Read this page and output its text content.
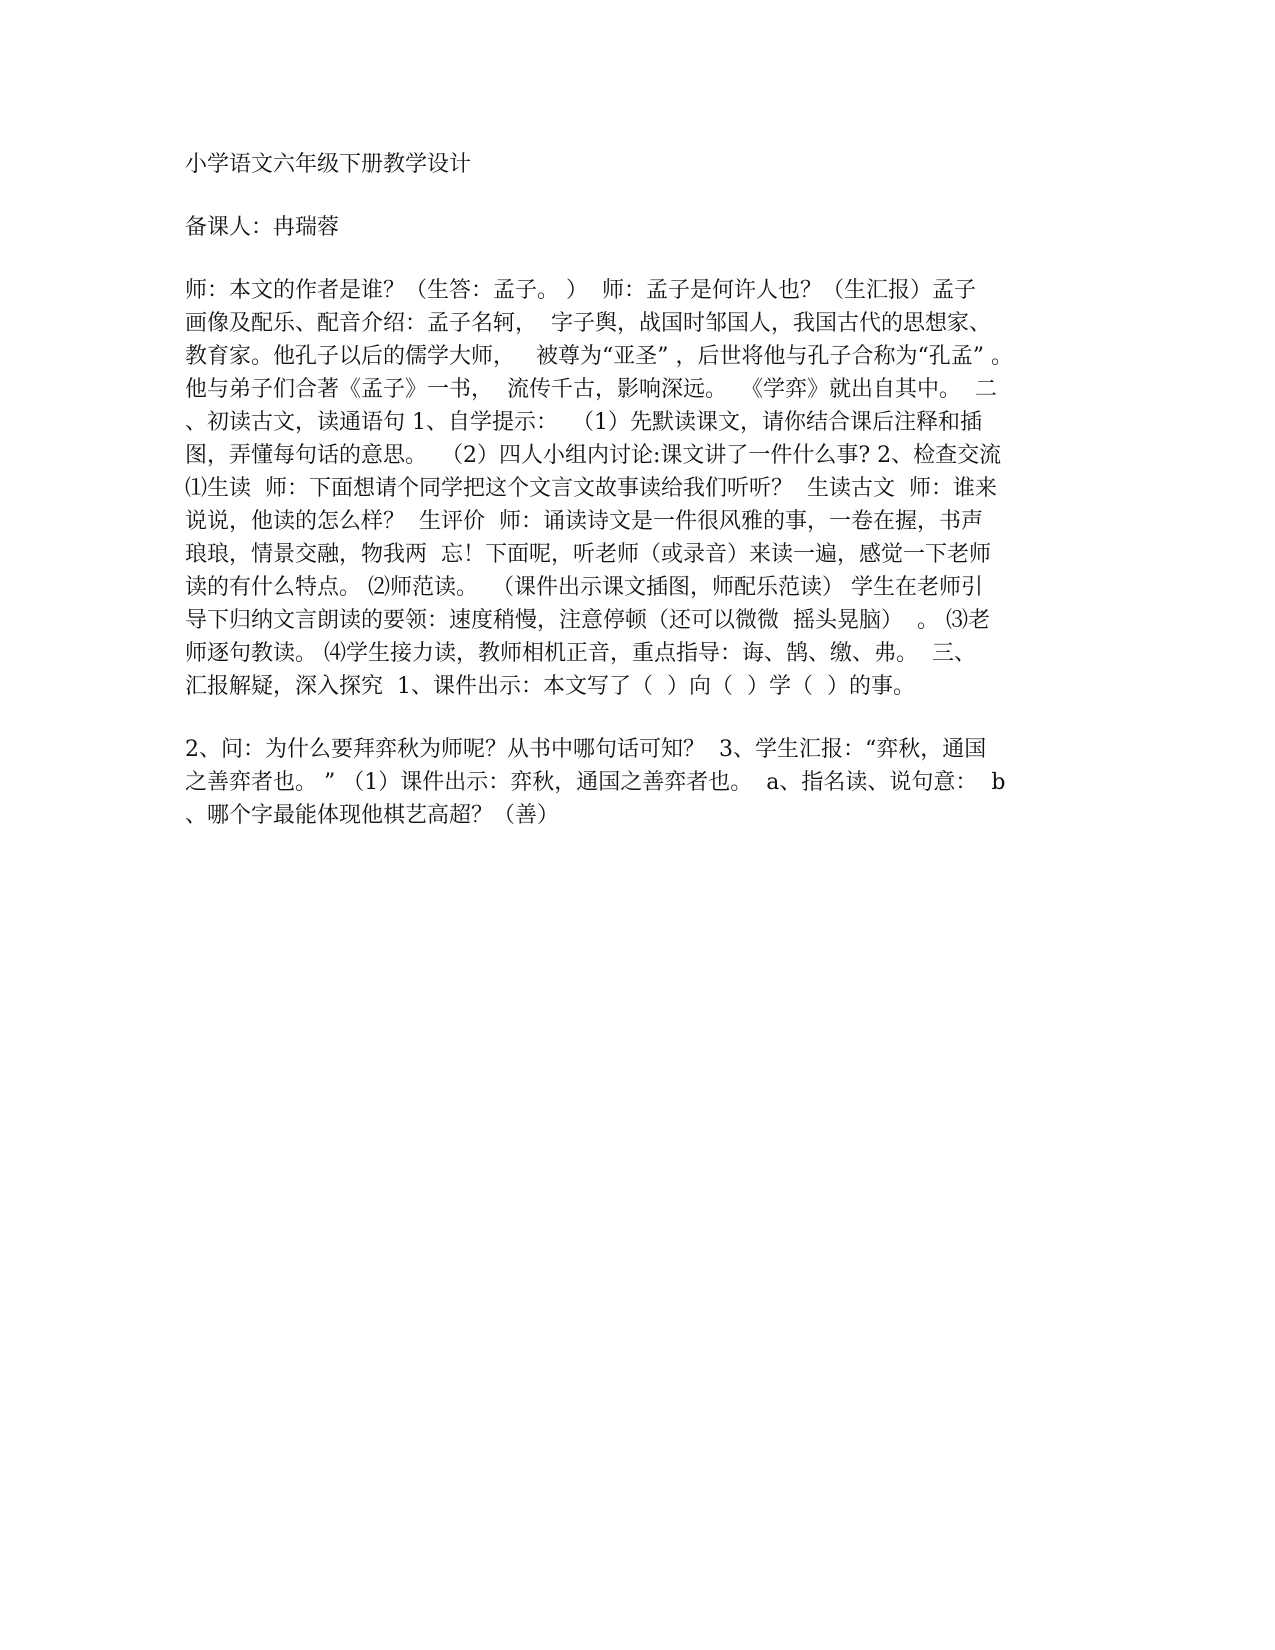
小学语文六年级下册教学设计

备课人：冉瑞蓉

师：本文的作者是谁？（生答：孟子。 ）  师：孟子是何许人也？（生汇报）孟子
画像及配乐、配音介绍：孟子名轲，  字子舆，战国时邹国人，我国古代的思想家、
教育家。他孔子以后的儒学大师，   被尊为“亚圣” ，后世将他与孔子合称为“孔孟” 。
他与弟子们合著《孟子》一书，  流传千古，影响深远。  《学弈》就出自其中。  二
、初读古文，读通语句 1、自学提示：  （1）先默读课文，请你结合课后注释和插
图，弄懂每句话的意思。  （2）四人小组内讨论:课文讲了一件什么事? 2、检查交流
⑴生读  师：下面想请个同学把这个文言文故事读给我们听听？  生读古文  师：谁来
说说，他读的怎么样？  生评价  师：诵读诗文是一件很风雅的事，一卷在握，书声
琅琅，情景交融，物我两  忘！下面呢，听老师（或录音）来读一遍，感觉一下老师
读的有什么特点。 ⑵师范读。  （课件出示课文插图，师配乐范读） 学生在老师引
导下归纳文言朗读的要领：速度稍慢，注意停顿（还可以微微  摇头晃脑）  。 ⑶老
师逐句教读。 ⑷学生接力读，教师相机正音，重点指导：诲、鹄、缴、弗。  三、
汇报解疑，深入探究  1、课件出示：本文写了（  ）向（  ）学（  ）的事。
2、问：为什么要拜弈秋为师呢？从书中哪句话可知？  3、学生汇报：“弈秋，通国
之善弈者也。 ” （1）课件出示：弈秋，通国之善弈者也。  a、指名读、说句意：  b
、哪个字最能体现他棋艺高超？（善）
